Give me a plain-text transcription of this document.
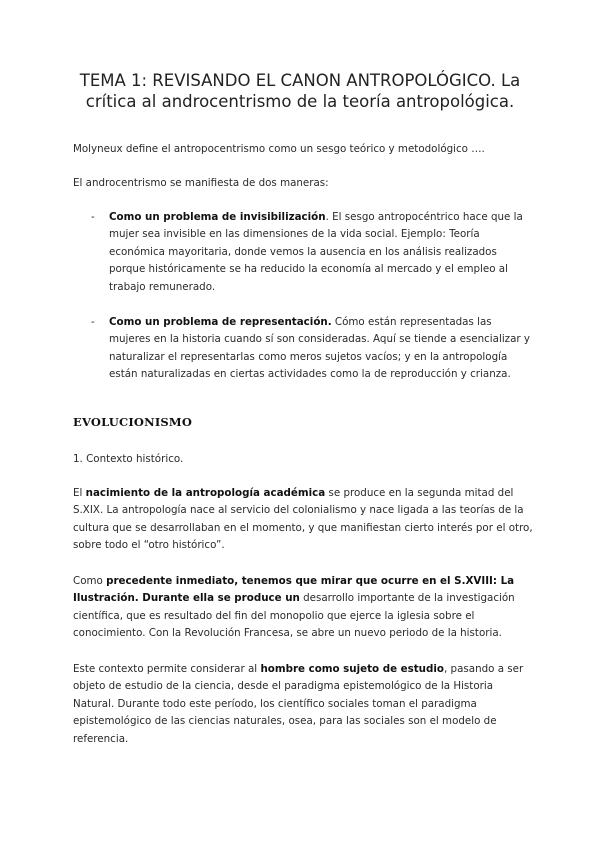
TEMA 1: REVISANDO EL CANON ANTROPOLÓGICO. La crítica al androcentrismo de la teoría antropológica.

Molyneux define el antropocentrismo como un sesgo teórico y metodológico ….

El androcentrismo se manifiesta de dos maneras:

-	Como un problema de invisibilización. El sesgo antropocéntrico hace que la mujer sea invisible en las dimensiones de la vida social. Ejemplo: Teoría económica mayoritaria, donde vemos la ausencia en los análisis realizados porque históricamente se ha reducido la economía al mercado y el empleo al trabajo remunerado.
-	Como un problema de representación. Cómo están representadas las mujeres en la historia cuando sí son consideradas. Aquí se tiende a esencializar y naturalizar el representarlas como meros sujetos vacíos; y en la antropología están naturalizadas en ciertas actividades como la de reproducción y crianza.
EVOLUCIONISMO

1. Contexto histórico.

El nacimiento de la antropología académica se produce en la segunda mitad del S.XIX. La antropología nace al servicio del colonialismo y nace ligada a las teorías de la cultura que se desarrollaban en el momento, y que manifiestan cierto interés por el otro, sobre todo el “otro histórico”.

Como precedente inmediato, tenemos que mirar que ocurre en el S.XVIII: La Ilustración. Durante ella se produce un desarrollo importante de la investigación científica, que es resultado del fin del monopolio que ejerce la iglesia sobre el conocimiento. Con la Revolución Francesa, se abre un nuevo periodo de la historia.

Este contexto permite considerar al hombre como sujeto de estudio, pasando a ser objeto de estudio de la ciencia, desde el paradigma epistemológico de la Historia Natural. Durante todo este período, los científico sociales toman el paradigma epistemológico de las ciencias naturales, osea, para las sociales son el modelo de referencia.
